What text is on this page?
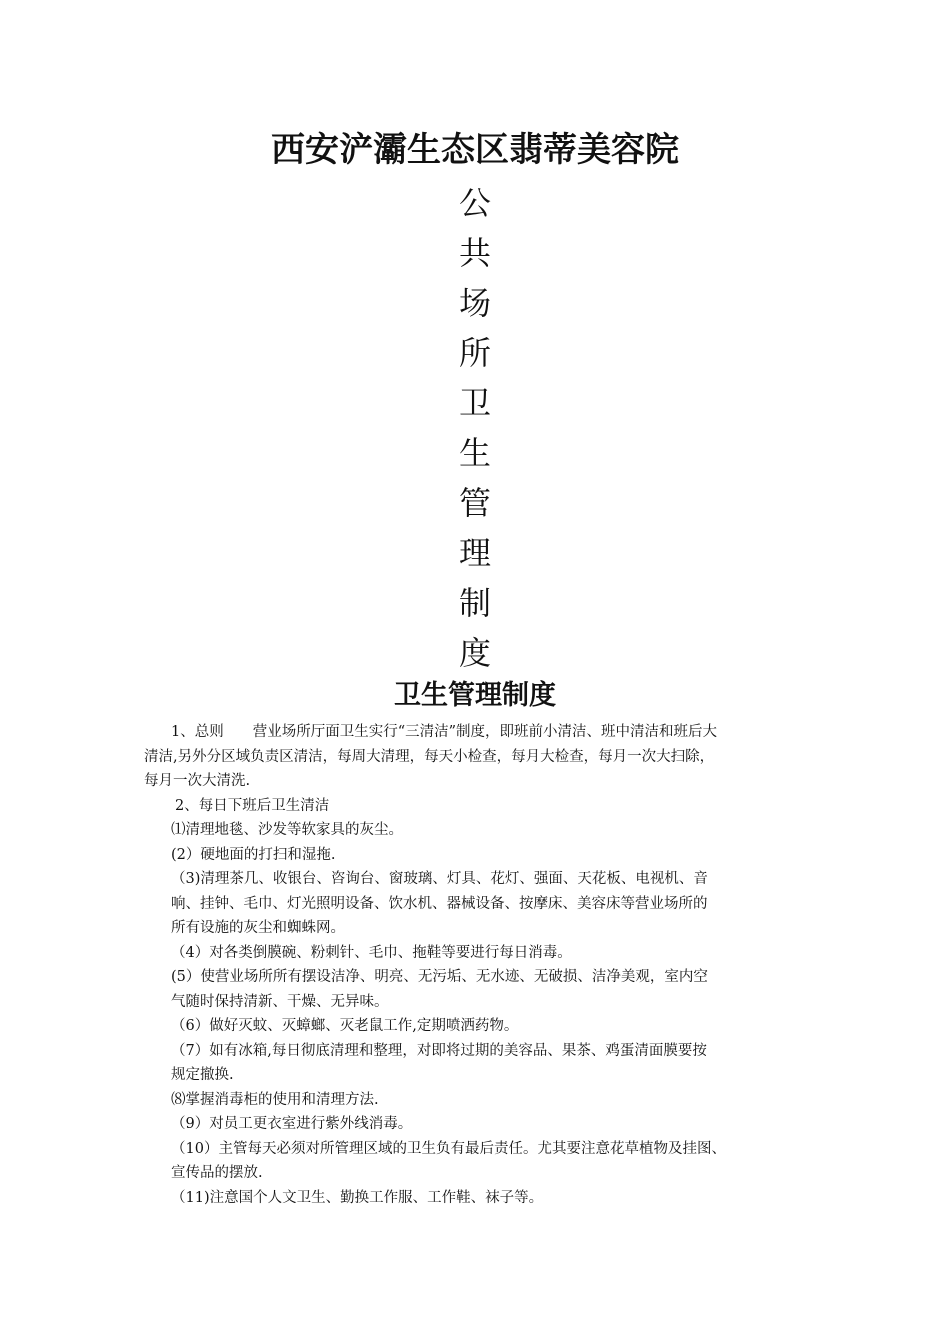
西安浐灞生态区翡蒂美容院
公
共
场
所
卫
生
管
理
制
度
卫生管理制度
1、总则　　营业场所厅面卫生实行“三清洁”制度，即班前小清洁、班中清洁和班后大
清洁,另外分区域负责区清洁，每周大清理，每天小检查，每月大检查，每月一次大扫除，
每月一次大清洗.
2、每日下班后卫生清洁
⑴清理地毯、沙发等软家具的灰尘。
(2）硬地面的打扫和湿拖.
（3)清理茶几、收银台、咨询台、窗玻璃、灯具、花灯、强面、天花板、电视机、音
响、挂钟、毛巾、灯光照明设备、饮水机、器械设备、按摩床、美容床等营业场所的
所有设施的灰尘和蜘蛛网。
（4）对各类倒膜碗、粉刺针、毛巾、拖鞋等要进行每日消毒。
(5）使营业场所所有摆设洁净、明亮、无污垢、无水迹、无破损、洁净美观，室内空
气随时保持清新、干燥、无异味。
（6）做好灭蚊、灭蟑螂、灭老鼠工作,定期喷洒药物。
（7）如有冰箱,每日彻底清理和整理，对即将过期的美容品、果茶、鸡蛋清面膜要按
规定撤换.
⑻掌握消毒柜的使用和清理方法.
（9）对员工更衣室进行紫外线消毒。
（10）主管每天必须对所管理区域的卫生负有最后责任。尤其要注意花草植物及挂图、
宣传品的摆放.
（11)注意国个人文卫生、勤换工作服、工作鞋、袜子等。
